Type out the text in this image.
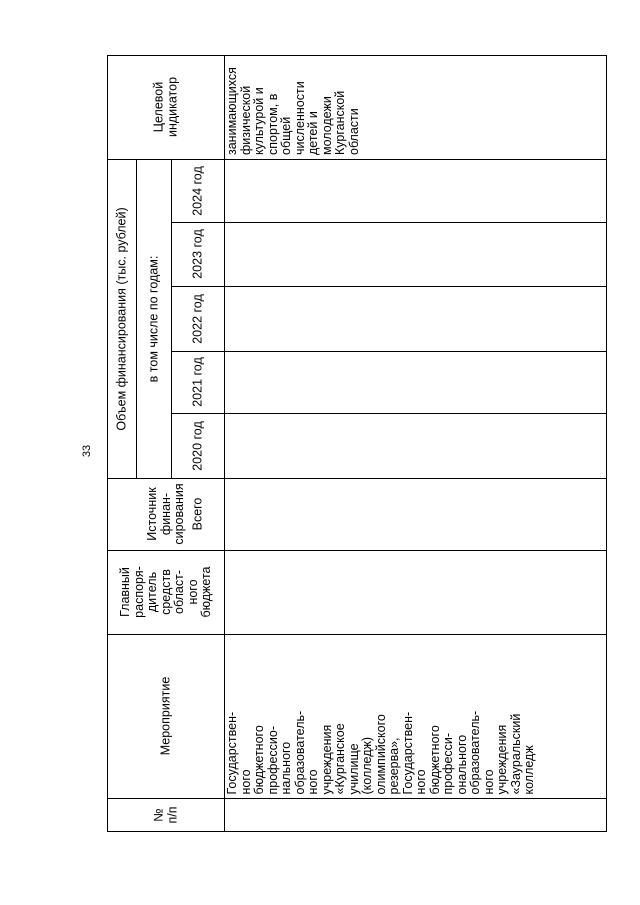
33
№
п/п
Мероприятие
Главный
распоря-
дитель
средств
област-
ного
бюджета
Источник
финан-
сирования
Объем финансирования (тыс. рублей) в том числе по годам:
Всего
2020 год
2021 год
2022 год
2023 год
2024 год
Целевой
индикатор
Государствен-
ного
бюджетного
профессио-
нального
образователь-
ного
учреждения
«Курганское
училище
(колледж)
олимпийского
резерва»,
Государствен-
ного
бюджетного
професси-
онального
образователь-
ного
учреждения
«Зауральский
колледж
занимающихся
физической
культурой и
спортом, в
общей
численности
детей и
молодежи
Курганской
области
